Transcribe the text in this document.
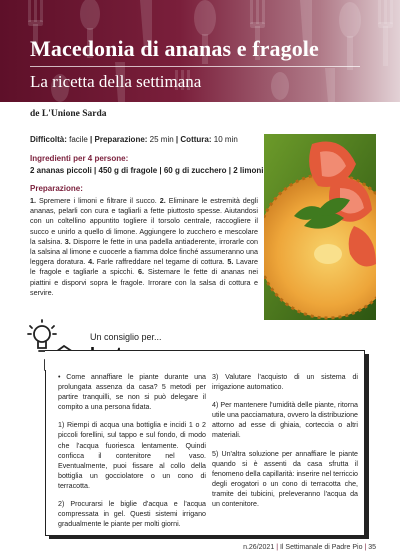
Macedonia di ananas e fragole
La ricetta della settimana
de L'Unione Sarda
Difficoltà: facile | Preparazione: 25 min | Cottura: 10 min
Ingredienti per 4 persone:
2 ananas piccoli | 450 g di fragole | 60 g di zucchero | 2 limoni
Preparazione:
1. Spremere i limoni e filtrare il succo. 2. Eliminare le estremità degli ananas, pelarli con cura e tagliarli a fette piuttosto spesse. Aiutandosi con un coltellino appuntito togliere il torsolo centrale, raccogliere il succo e unirlo a quello di limone. Aggiungere lo zucchero e mescolare la salsina. 3. Disporre le fette in una padella antiaderente, irrorarle con la salsina al limone e cuocerle a fiamma dolce finché assumeranno una leggera doratura. 4. Farle raffreddare nel tegame di cottura. 5. Lavare le fragole e tagliarle a spicchi. 6. Sistemare le fette di ananas nei piattini e disporvi sopra le fragole. Irrorare con la salsa di cottura e servire.
Un consiglio per...

• Come annaffiare le piante durante una prolungata assenza da casa? 5 metodi per partire tranquilli, se non si può delegare il compito a una persona fidata.

1) Riempi di acqua una bottiglia e incidi 1 o 2 piccoli forellini, sul tappo e sul fondo, di modo che l'acqua fuoriesca lentamente. Quindi conficca il contenitore nel vaso. Eventualmente, puoi fissare al collo della bottiglia un gocciolatore o un cono di terracotta.

2) Procurarsi le biglie d'acqua e l'acqua compressata in gel. Questi sistemi irrigano gradualmente le piante per molti giorni.

3) Valutare l'acquisto di un sistema di irrigazione automatico.

4) Per mantenere l'umidità delle piante, ritorna utile una pacciamatura, ovvero la distribuzione attorno ad esse di ghiaia, corteccia o altri materiali.

5) Un'altra soluzione per annaffiare le piante quando si è assenti da casa sfrutta il fenomeno della capillarità: inserire nel terriccio degli erogatori o un cono di terracotta che, tramite dei tubicini, preleveranno l'acqua da un contenitore.

n.26/2021 | Il Settimanale di Padre Pio | 35
